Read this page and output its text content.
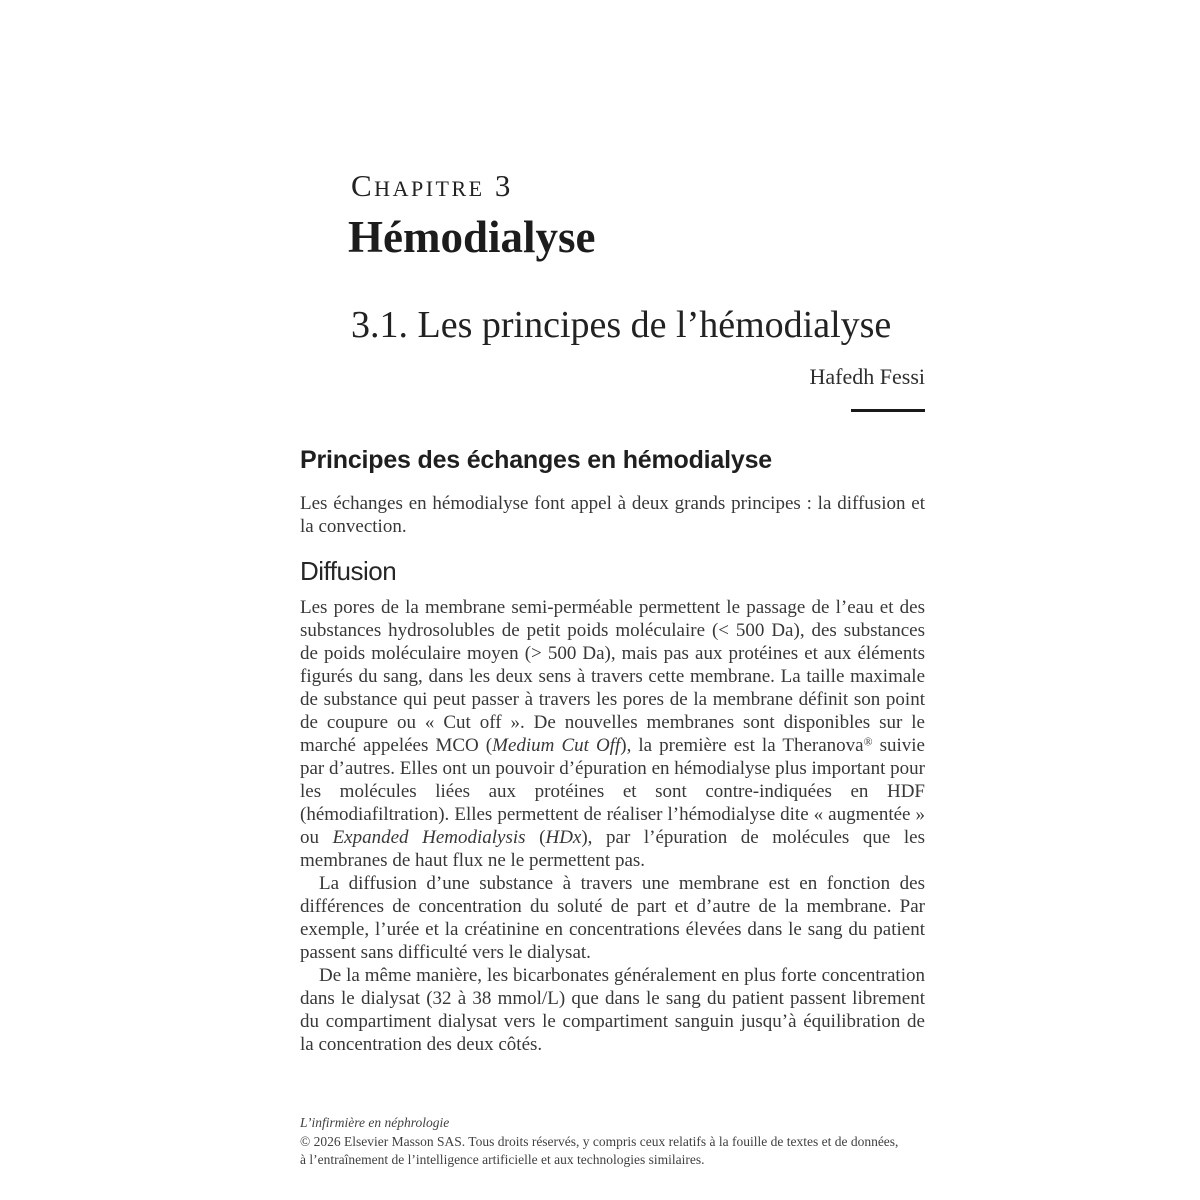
Chapitre 3
Hémodialyse
3.1. Les principes de l’hémodialyse
Hafedh Fessi
Principes des échanges en hémodialyse

Les échanges en hémodialyse font appel à deux grands principes : la diffusion et la convection.

Diffusion

Les pores de la membrane semi-perméable permettent le passage de l’eau et des substances hydrosolubles de petit poids moléculaire (< 500 Da), des substances de poids moléculaire moyen (> 500 Da), mais pas aux protéines et aux éléments figurés du sang, dans les deux sens à travers cette membrane. La taille maximale de substance qui peut passer à travers les pores de la membrane définit son point de coupure ou « Cut off ». De nouvelles membranes sont disponibles sur le marché appelées MCO (Medium Cut Off), la première est la Theranova® suivie par d’autres. Elles ont un pouvoir d’épuration en hémodialyse plus important pour les molécules liées aux protéines et sont contre-indiquées en HDF (hémodiafiltration). Elles permettent de réaliser l’hémodialyse dite « augmentée » ou Expanded Hemodialysis (HDx), par l’épuration de molécules que les membranes de haut flux ne le permettent pas.

La diffusion d’une substance à travers une membrane est en fonction des différences de concentration du soluté de part et d’autre de la membrane. Par exemple, l’urée et la créatinine en concentrations élevées dans le sang du patient passent sans difficulté vers le dialysat.

De la même manière, les bicarbonates généralement en plus forte concentration dans le dialysat (32 à 38 mmol/L) que dans le sang du patient passent librement du compartiment dialysat vers le compartiment sanguin jusqu’à équilibration de la concentration des deux côtés.

L’infirmière en néphrologie
© 2026 Elsevier Masson SAS. Tous droits réservés, y compris ceux relatifs à la fouille de textes et de données,
à l’entraînement de l’intelligence artificielle et aux technologies similaires.
